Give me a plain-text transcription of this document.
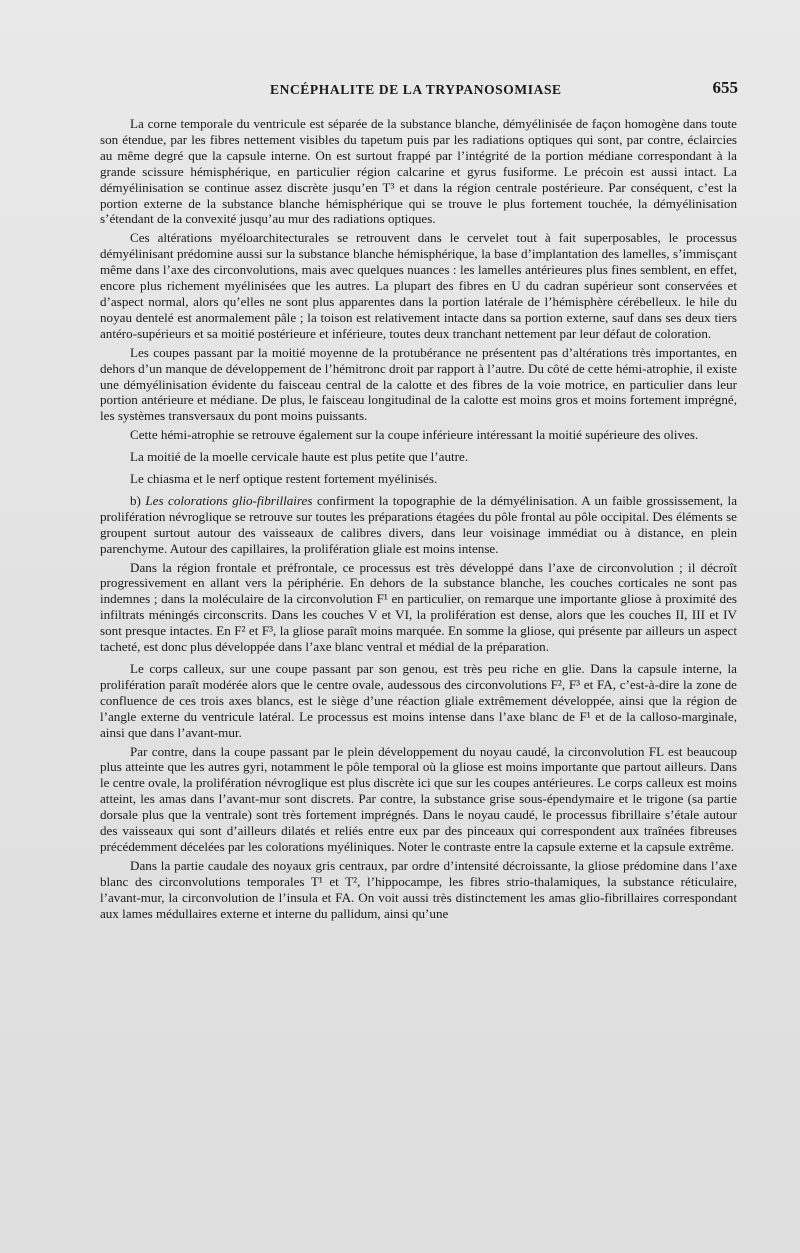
ENCÉPHALITE DE LA TRYPANOSOMIASE	655

La corne temporale du ventricule est séparée de la substance blanche, démyélinisée de façon homogène dans toute son étendue, par les fibres nettement visibles du tapetum puis par les radiations optiques qui sont, par contre, éclaircies au même degré que la capsule interne. On est surtout frappé par l’intégrité de la portion médiane correspondant à la grande scissure hémisphérique, en particulier région calcarine et gyrus fusiforme. Le précoin est aussi intact. La démyélinisation se continue assez discrète jusqu’en T³ et dans la région centrale postérieure. Par conséquent, c’est la portion externe de la substance blanche hémisphérique qui se trouve le plus fortement touchée, la démyélinisation s’étendant de la convexité jusqu’au mur des radiations optiques.

Ces altérations myéloarchitecturales se retrouvent dans le cervelet tout à fait superposables, le processus démyélinisant prédomine aussi sur la substance blanche hémisphérique, la base d’implantation des lamelles, s’immisçant même dans l’axe des circonvolutions, mais avec quelques nuances : les lamelles antérieures plus fines semblent, en effet, encore plus richement myélinisées que les autres. La plupart des fibres en U du cadran supérieur sont conservées et d’aspect normal, alors qu’elles ne sont plus apparentes dans la portion latérale de l’hémisphère cérébelleux. le hile du noyau dentelé est anormalement pâle ; la toison est relativement intacte dans sa portion externe, sauf dans ses deux tiers antéro-supérieurs et sa moitié postérieure et inférieure, toutes deux tranchant nettement par leur défaut de coloration.

Les coupes passant par la moitié moyenne de la protubérance ne présentent pas d’altérations très importantes, en dehors d’un manque de développement de l’hémitronc droit par rapport à l’autre. Du côté de cette hémi-atrophie, il existe une démyélinisation évidente du faisceau central de la calotte et des fibres de la voie motrice, en particulier dans leur portion antérieure et médiane. De plus, le faisceau longitudinal de la calotte est moins gros et moins fortement imprégné, les systèmes transversaux du pont moins puissants.

Cette hémi-atrophie se retrouve également sur la coupe inférieure intéressant la moitié supérieure des olives.

La moitié de la moelle cervicale haute est plus petite que l’autre.

Le chiasma et le nerf optique restent fortement myélinisés.

b) Les colorations glio-fibrillaires confirment la topographie de la démyélinisation. A un faible grossissement, la prolifération névroglique se retrouve sur toutes les préparations étagées du pôle frontal au pôle occipital. Des éléments se groupent surtout autour des vaisseaux de calibres divers, dans leur voisinage immédiat ou à distance, en plein parenchyme. Autour des capillaires, la prolifération gliale est moins intense.

Dans la région frontale et préfrontale, ce processus est très développé dans l’axe de circonvolution ; il décroît progressivement en allant vers la périphérie. En dehors de la substance blanche, les couches corticales ne sont pas indemnes ; dans la moléculaire de la circonvolution F¹ en particulier, on remarque une importante gliose à proximité des infiltrats méningés circonscrits. Dans les couches V et VI, la prolifération est dense, alors que les couches II, III et IV sont presque intactes. En F² et F³, la gliose paraît moins marquée. En somme la gliose, qui présente par ailleurs un aspect tacheté, est donc plus développée dans l’axe blanc ventral et médial de la préparation.

Le corps calleux, sur une coupe passant par son genou, est très peu riche en glie. Dans la capsule interne, la prolifération paraît modérée alors que le centre ovale, audessous des circonvolutions F², F³ et FA, c’est-à-dire la zone de confluence de ces trois axes blancs, est le siège d’une réaction gliale extrêmement développée, ainsi que la région de l’angle externe du ventricule latéral. Le processus est moins intense dans l’axe blanc de F¹ et de la calloso-marginale, ainsi que dans l’avant-mur.

Par contre, dans la coupe passant par le plein développement du noyau caudé, la circonvolution FL est beaucoup plus atteinte que les autres gyri, notamment le pôle temporal où la gliose est moins importante que partout ailleurs. Dans le centre ovale, la prolifération névroglique est plus discrète ici que sur les coupes antérieures. Le corps calleux est moins atteint, les amas dans l’avant-mur sont discrets. Par contre, la substance grise sous-épendymaire et le trigone (sa partie dorsale plus que la ventrale) sont très fortement imprégnés. Dans le noyau caudé, le processus fibrillaire s’étale autour des vaisseaux qui sont d’ailleurs dilatés et reliés entre eux par des pinceaux qui correspondent aux traînées fibreuses précédemment décelées par les colorations myéliniques. Noter le contraste entre la capsule externe et la capsule extrême.

Dans la partie caudale des noyaux gris centraux, par ordre d’intensité décroissante, la gliose prédomine dans l’axe blanc des circonvolutions temporales T¹ et T², l’hippocampe, les fibres strio-thalamiques, la substance réticulaire, l’avant-mur, la circonvolution de l’insula et FA. On voit aussi très distinctement les amas glio-fibrillaires correspondant aux lames médullaires externe et interne du pallidum, ainsi qu’une
